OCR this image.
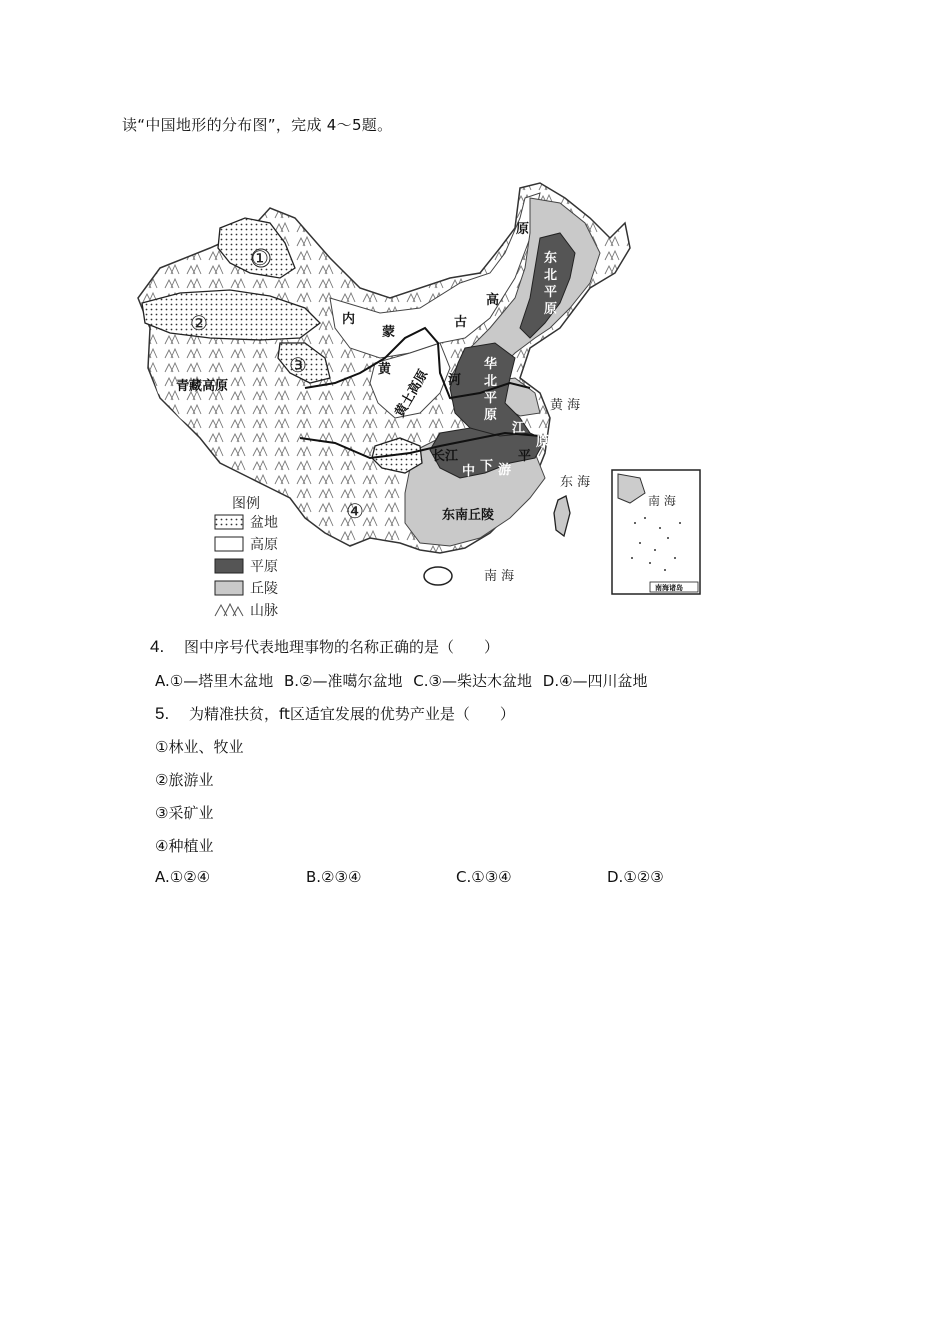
读“中国地形的分布图”，完成 4～5题。
南海诸岛
南 海
①
②
③
④
青藏高原
内
蒙
古
高
原
黄
河
黄土高原
东
北
平
原
华
北
平
原
长江
江
中 下 游
平
原
东南丘陵
黄 海
东 海
南 海
图例
盆地
高原
平原
丘陵
山脉
4. 图中序号代表地理事物的名称正确的是（　　）
A.①—塔里木盆地 B.②—准噶尔盆地 C.③—柴达木盆地 D.④—四川盆地
5. 为精准扶贫，ft区适宜发展的优势产业是（　　）
①林业、牧业
②旅游业
③采矿业
④种植业
A.①②④	B.②③④	C.①③④	D.①②③
